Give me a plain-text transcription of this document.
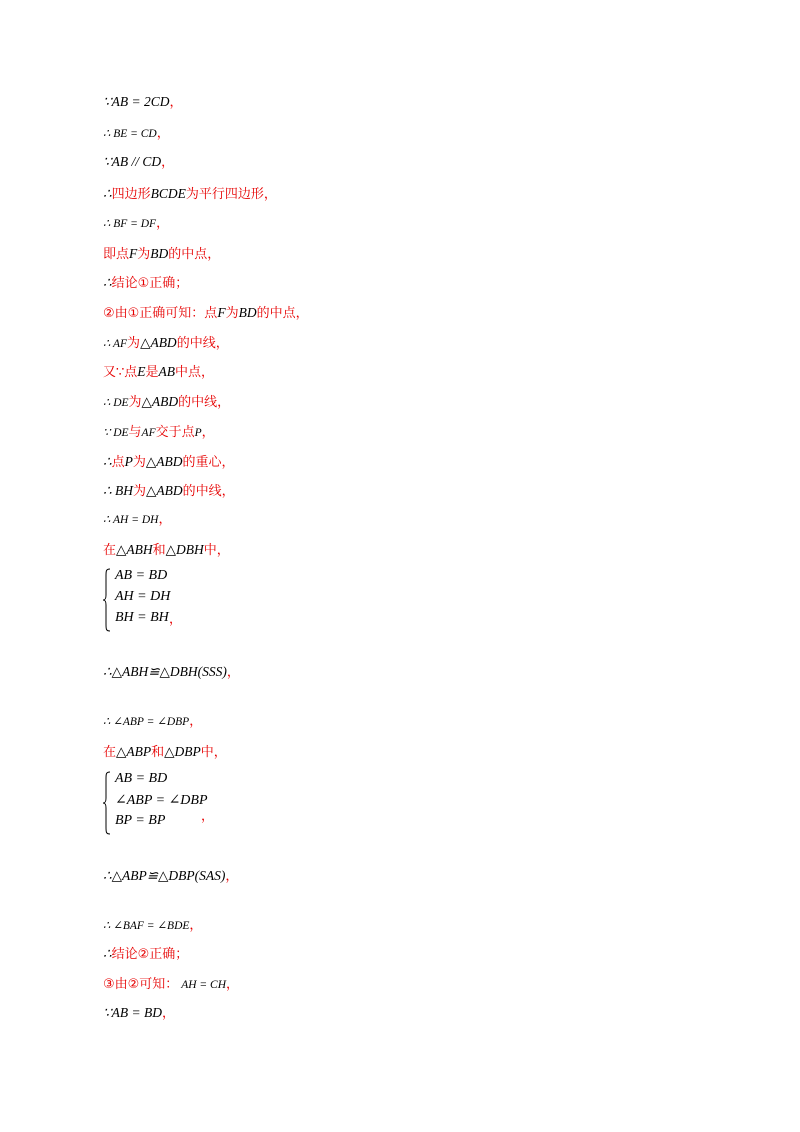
∵AB = 2CD，
∴ BE = CD，
∵AB // CD，
∴四边形BCDE为平行四边形，
∴ BF = DF，
即点F为BD的中点，
∴结论①正确；
②由①正确可知：点F为BD的中点，
∴ AF为△ABD的中线，
又∵点E是AB中点，
∴ DE为△ABD的中线，
∵ DE与AF交于点P，
∴点P为△ABD的重心，
∴ BH为△ABD的中线，
∴ AH = DH，
在△ABH和△DBH中，
∴△ABH≌△DBH(SSS)，
∴ ∠ABP = ∠DBP，
在△ABP和△DBP中，
∴△ABP≌△DBP(SAS)，
∴ ∠BAF = ∠BDE，
∴结论②正确；
③由②可知： AH = CH，
∵AB = BD，
AB = BD
AH = DH
BH = BH ，
AB = BD
∠ABP = ∠DBP
BP = BP	，
